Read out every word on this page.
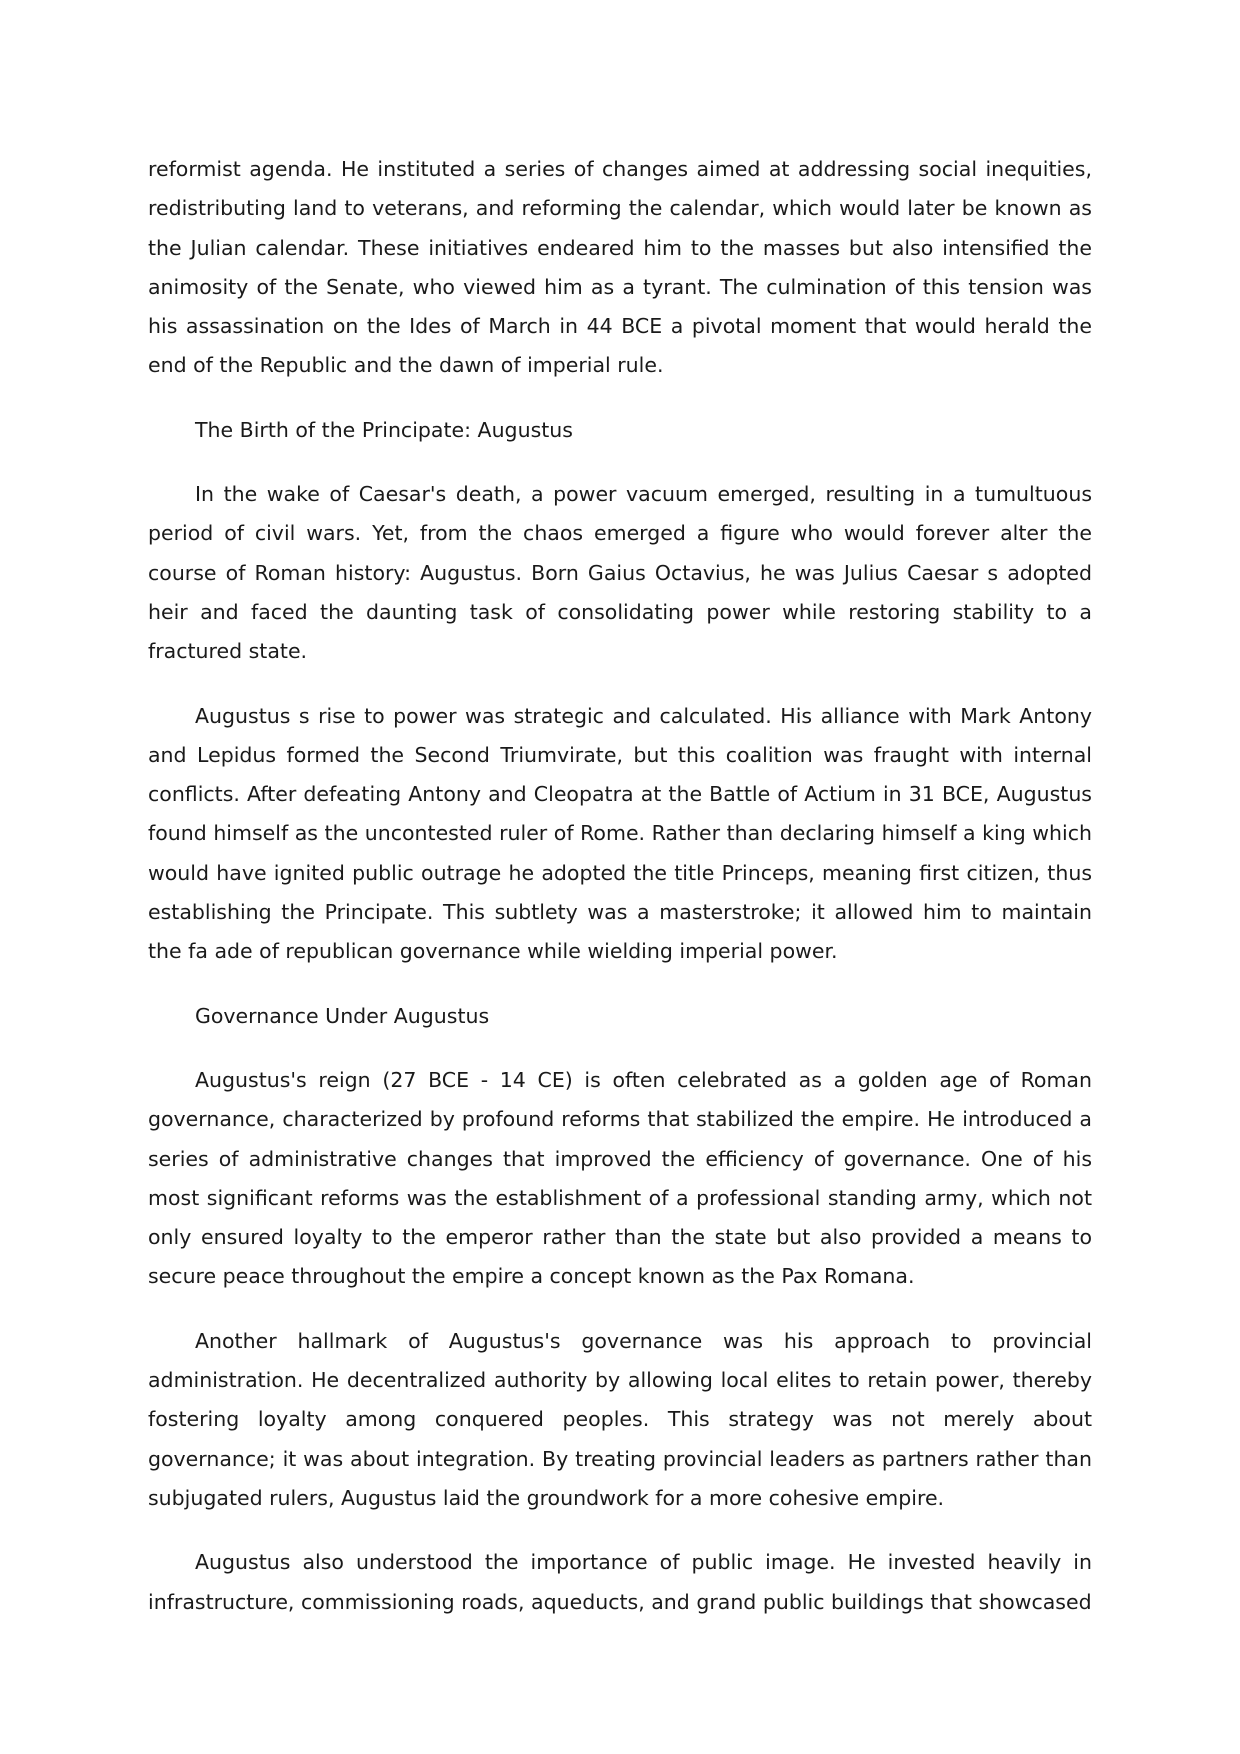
reformist agenda. He instituted a series of changes aimed at addressing social inequities, redistributing land to veterans, and reforming the calendar, which would later be known as the Julian calendar. These initiatives endeared him to the masses but also intensified the animosity of the Senate, who viewed him as a tyrant. The culmination of this tension was his assassination on the Ides of March in 44 BCE a pivotal moment that would herald the end of the Republic and the dawn of imperial rule.

The Birth of the Principate: Augustus

In the wake of Caesar's death, a power vacuum emerged, resulting in a tumultuous period of civil wars. Yet, from the chaos emerged a figure who would forever alter the course of Roman history: Augustus. Born Gaius Octavius, he was Julius Caesar s adopted heir and faced the daunting task of consolidating power while restoring stability to a fractured state.

Augustus s rise to power was strategic and calculated. His alliance with Mark Antony and Lepidus formed the Second Triumvirate, but this coalition was fraught with internal conflicts. After defeating Antony and Cleopatra at the Battle of Actium in 31 BCE, Augustus found himself as the uncontested ruler of Rome. Rather than declaring himself a king which would have ignited public outrage he adopted the title Princeps, meaning first citizen, thus establishing the Principate. This subtlety was a masterstroke; it allowed him to maintain the fa ade of republican governance while wielding imperial power.

Governance Under Augustus

Augustus's reign (27 BCE - 14 CE) is often celebrated as a golden age of Roman governance, characterized by profound reforms that stabilized the empire. He introduced a series of administrative changes that improved the efficiency of governance. One of his most significant reforms was the establishment of a professional standing army, which not only ensured loyalty to the emperor rather than the state but also provided a means to secure peace throughout the empire a concept known as the Pax Romana.

Another hallmark of Augustus's governance was his approach to provincial administration. He decentralized authority by allowing local elites to retain power, thereby fostering loyalty among conquered peoples. This strategy was not merely about governance; it was about integration. By treating provincial leaders as partners rather than subjugated rulers, Augustus laid the groundwork for a more cohesive empire.

Augustus also understood the importance of public image. He invested heavily in infrastructure, commissioning roads, aqueducts, and grand public buildings that showcased
